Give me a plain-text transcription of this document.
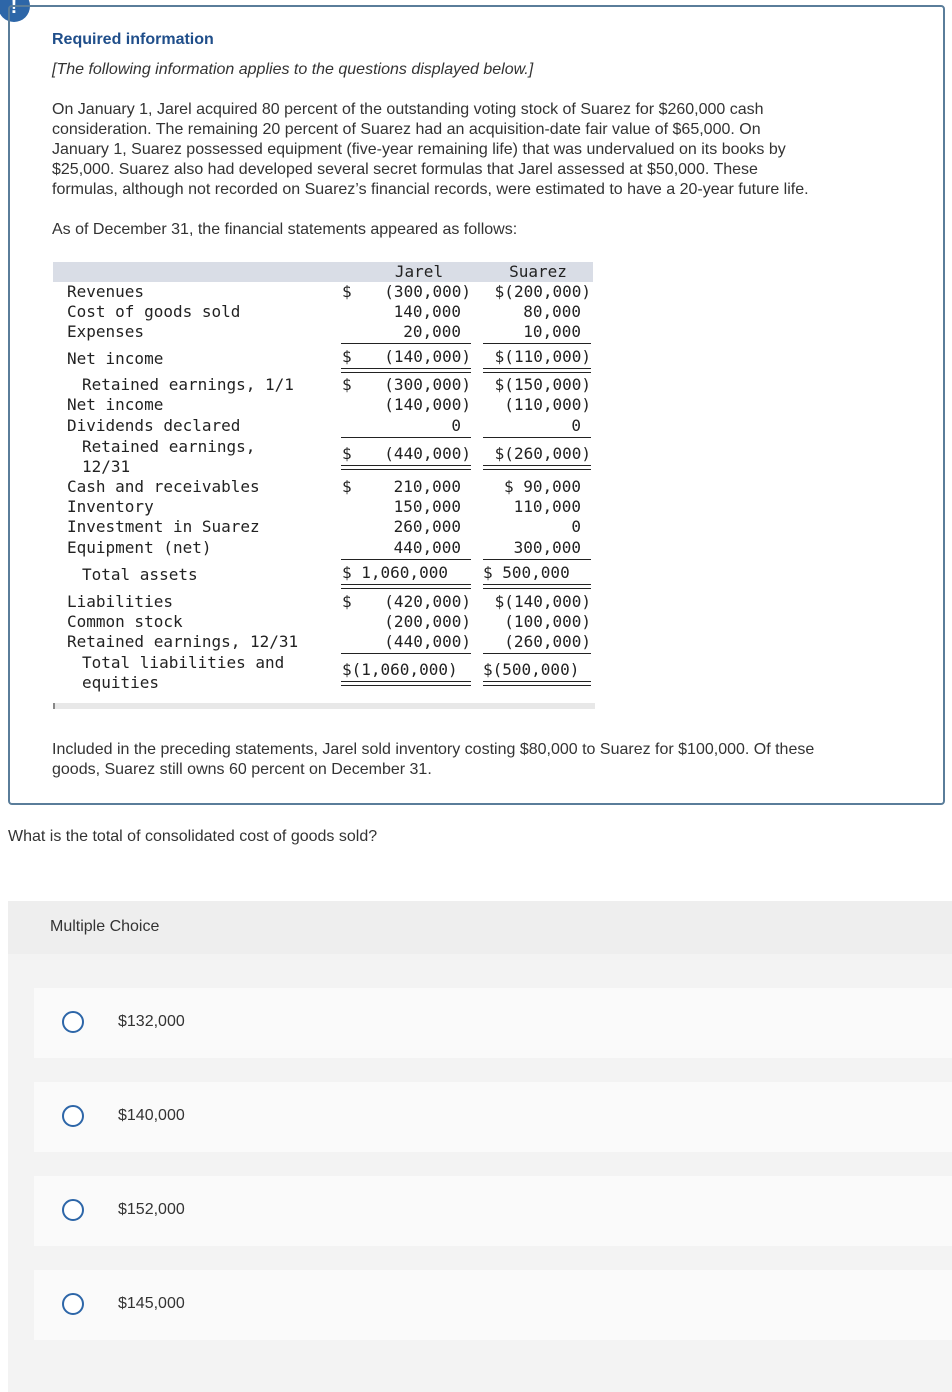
!
Required information
[The following information applies to the questions displayed below.]
On January 1, Jarel acquired 80 percent of the outstanding voting stock of Suarez for $260,000 cash
consideration. The remaining 20 percent of Suarez had an acquisition-date fair value of $65,000. On
January 1, Suarez possessed equipment (five-year remaining life) that was undervalued on its books by
$25,000. Suarez also had developed several secret formulas that Jarel assessed at $50,000. These
formulas, although not recorded on Suarez’s financial records, were estimated to have a 20-year future life.
As of December 31, the financial statements appeared as follows:
Jarel	Suarez
Revenues	$	(300,000)	$(200,000)
Cost of goods sold	140,000	80,000
Expenses	20,000	10,000
Net income	$	(140,000)	$(110,000)
Retained earnings, 1/1	$	(300,000)	$(150,000)
Net income	(140,000)	(110,000)
Dividends declared	0	0
Retained earnings,
12/31
$	(440,000)	$(260,000)
Cash and receivables	$	210,000	$ 90,000
Inventory	150,000	110,000
Investment in Suarez	260,000	0
Equipment (net)	440,000	300,000
Total assets	$ 1,060,000	$ 500,000
Liabilities	$	(420,000)	$(140,000)
Common stock	(200,000)	(100,000)
Retained earnings, 12/31	(440,000)	(260,000)
Total liabilities and
equities
$(1,060,000)	$(500,000)
Included in the preceding statements, Jarel sold inventory costing $80,000 to Suarez for $100,000. Of these
goods, Suarez still owns 60 percent on December 31.
What is the total of consolidated cost of goods sold?
Multiple Choice
$132,000
$140,000
$152,000
$145,000
